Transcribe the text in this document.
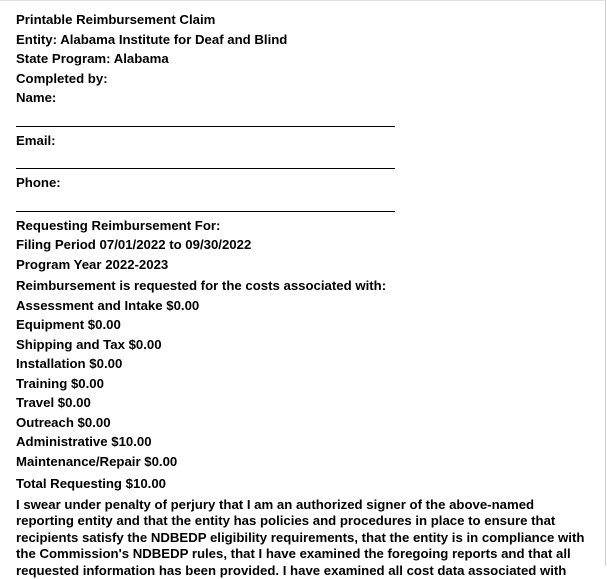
Printable Reimbursement Claim
Entity: Alabama Institute for Deaf and Blind
State Program: Alabama
Completed by:
Name:
Email:
Phone:
Requesting Reimbursement For:
Filing Period 07/01/2022 to 09/30/2022
Program Year 2022-2023
Reimbursement is requested for the costs associated with:
Assessment and Intake $0.00
Equipment $0.00
Shipping and Tax $0.00
Installation $0.00
Training $0.00
Travel $0.00
Outreach $0.00
Administrative $10.00
Maintenance/Repair $0.00
Total Requesting $10.00
I swear under penalty of perjury that I am an authorized signer of the above-named
reporting entity and that the entity has policies and procedures in place to ensure that
recipients satisfy the NDBEDP eligibility requirements, that the entity is in compliance with
the Commission's NDBEDP rules, that I have examined the foregoing reports and that all
requested information has been provided. I have examined all cost data associated with
